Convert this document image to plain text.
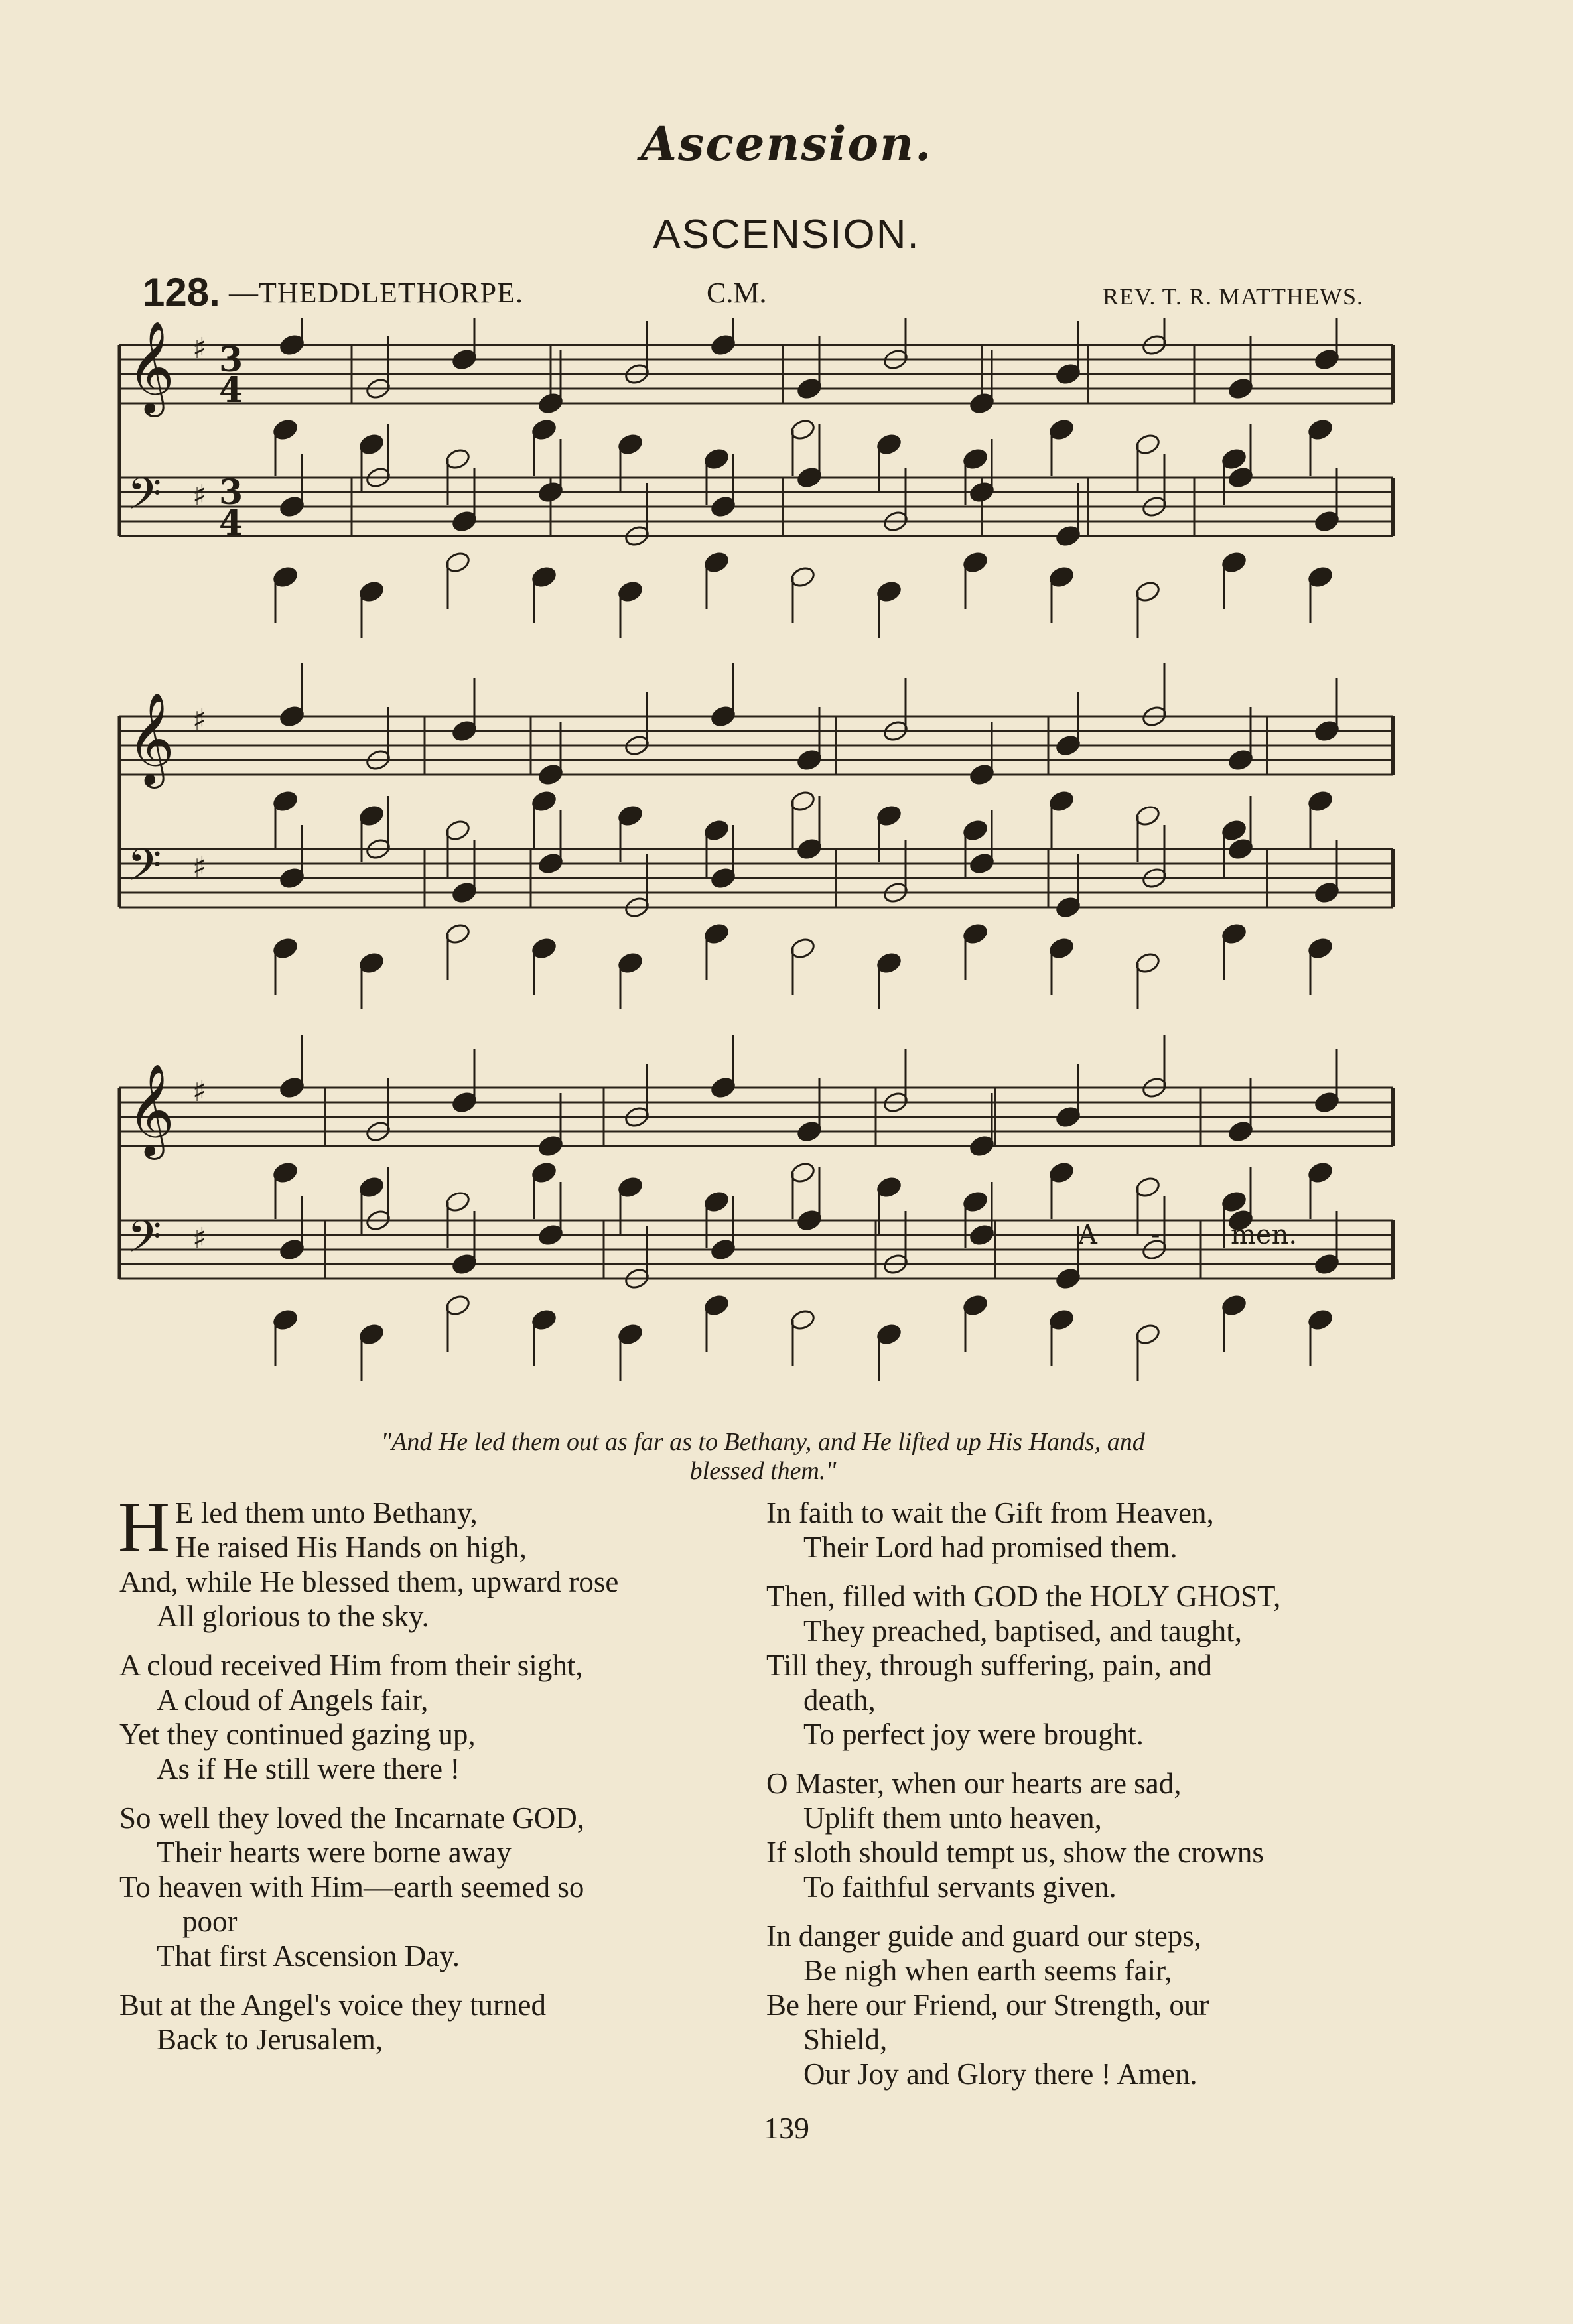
Ascension.
ASCENSION.
128. —THEDDLETHORPE.	C.M.	REV. T. R. MATTHEWS.
𝄞 ♯ 3
4
𝄢 ♯ 3
4
𝄞 ♯
𝄢 ♯
𝄞 ♯
𝄢 ♯	A -	men.
"And He led them out as far as to Bethany, and He lifted up His Hands, and
blessed them."
H E led them unto Bethany,
He raised His Hands on high,
And, while He blessed them, upward rose
All glorious to the sky.
A cloud received Him from their sight,
A cloud of Angels fair,
Yet they continued gazing up,
As if He still were there !
So well they loved the Incarnate GOD,
Their hearts were borne away
To heaven with Him—earth seemed so
poor
That first Ascension Day.
But at the Angel's voice they turned
Back to Jerusalem,
In faith to wait the Gift from Heaven,
Their Lord had promised them.
Then, filled with GOD the HOLY GHOST,
They preached, baptised, and taught,
Till they, through suffering, pain, and
death,
To perfect joy were brought.
O Master, when our hearts are sad,
Uplift them unto heaven,
If sloth should tempt us, show the crowns
To faithful servants given.
In danger guide and guard our steps,
Be nigh when earth seems fair,
Be here our Friend, our Strength, our
Shield,
Our Joy and Glory there ! Amen.
139
